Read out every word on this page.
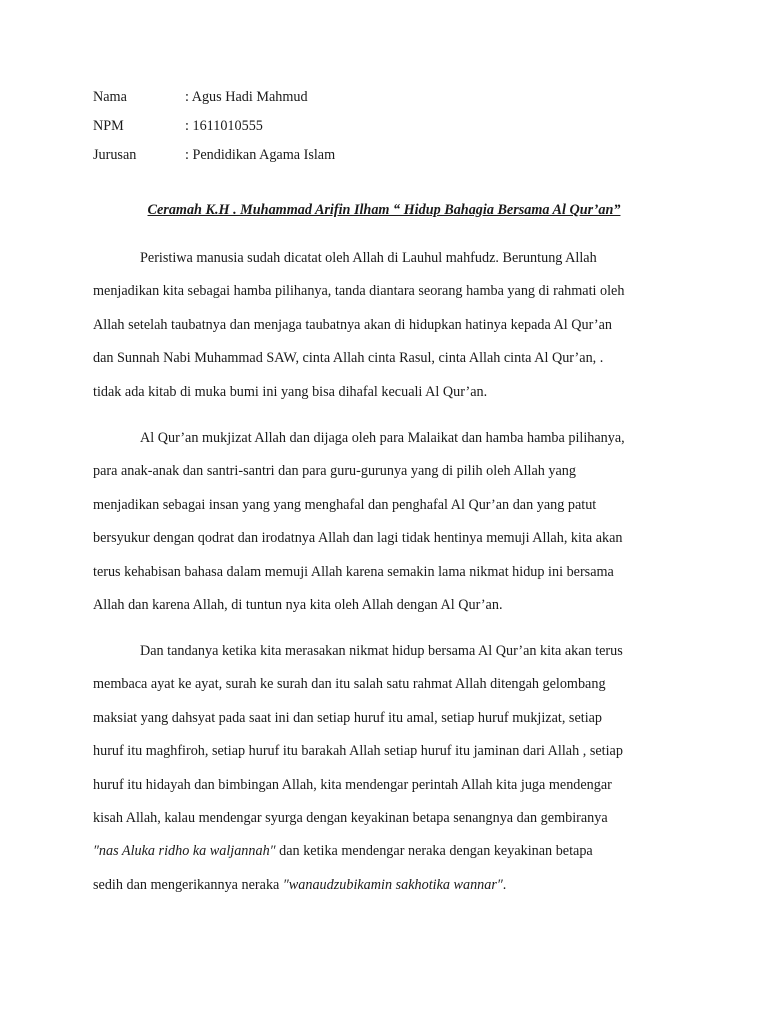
Nama	: Agus Hadi Mahmud
NPM	: 1611010555
Jurusan	: Pendidikan Agama Islam
Ceramah K.H . Muhammad Arifin Ilham “ Hidup Bahagia Bersama Al Qur’an”

Peristiwa manusia sudah dicatat oleh Allah di Lauhul mahfudz. Beruntung Allah
menjadikan kita sebagai hamba pilihanya, tanda diantara seorang hamba yang di rahmati oleh
Allah setelah taubatnya dan menjaga taubatnya akan di hidupkan hatinya kepada Al Qur’an
dan Sunnah Nabi Muhammad SAW, cinta Allah cinta Rasul, cinta Allah cinta Al Qur’an, .
tidak ada kitab di muka bumi ini yang bisa dihafal kecuali Al Qur’an.

Al Qur’an mukjizat Allah dan dijaga oleh para Malaikat dan hamba hamba pilihanya,
para anak-anak dan santri-santri dan para guru-gurunya yang di pilih oleh Allah yang
menjadikan sebagai insan yang yang menghafal dan penghafal Al Qur’an dan yang patut
bersyukur dengan qodrat dan irodatnya Allah dan lagi tidak hentinya memuji Allah, kita akan
terus kehabisan bahasa dalam memuji Allah karena semakin lama nikmat hidup ini bersama
Allah dan karena Allah, di tuntun nya kita oleh Allah dengan Al Qur’an.

Dan tandanya ketika kita merasakan nikmat hidup bersama Al Qur’an kita akan terus
membaca ayat ke ayat, surah ke surah dan itu salah satu rahmat Allah ditengah gelombang
maksiat yang dahsyat pada saat ini dan setiap huruf itu amal, setiap huruf mukjizat, setiap
huruf itu maghfiroh, setiap huruf itu barakah Allah setiap huruf itu jaminan dari Allah , setiap
huruf itu hidayah dan bimbingan Allah, kita mendengar perintah Allah kita juga mendengar
kisah Allah, kalau mendengar syurga dengan keyakinan betapa senangnya dan gembiranya
″nas Aluka ridho ka waljannah″ dan ketika mendengar neraka dengan keyakinan betapa
sedih dan mengerikannya neraka ″wanaudzubikamin sakhotika wannar″.
